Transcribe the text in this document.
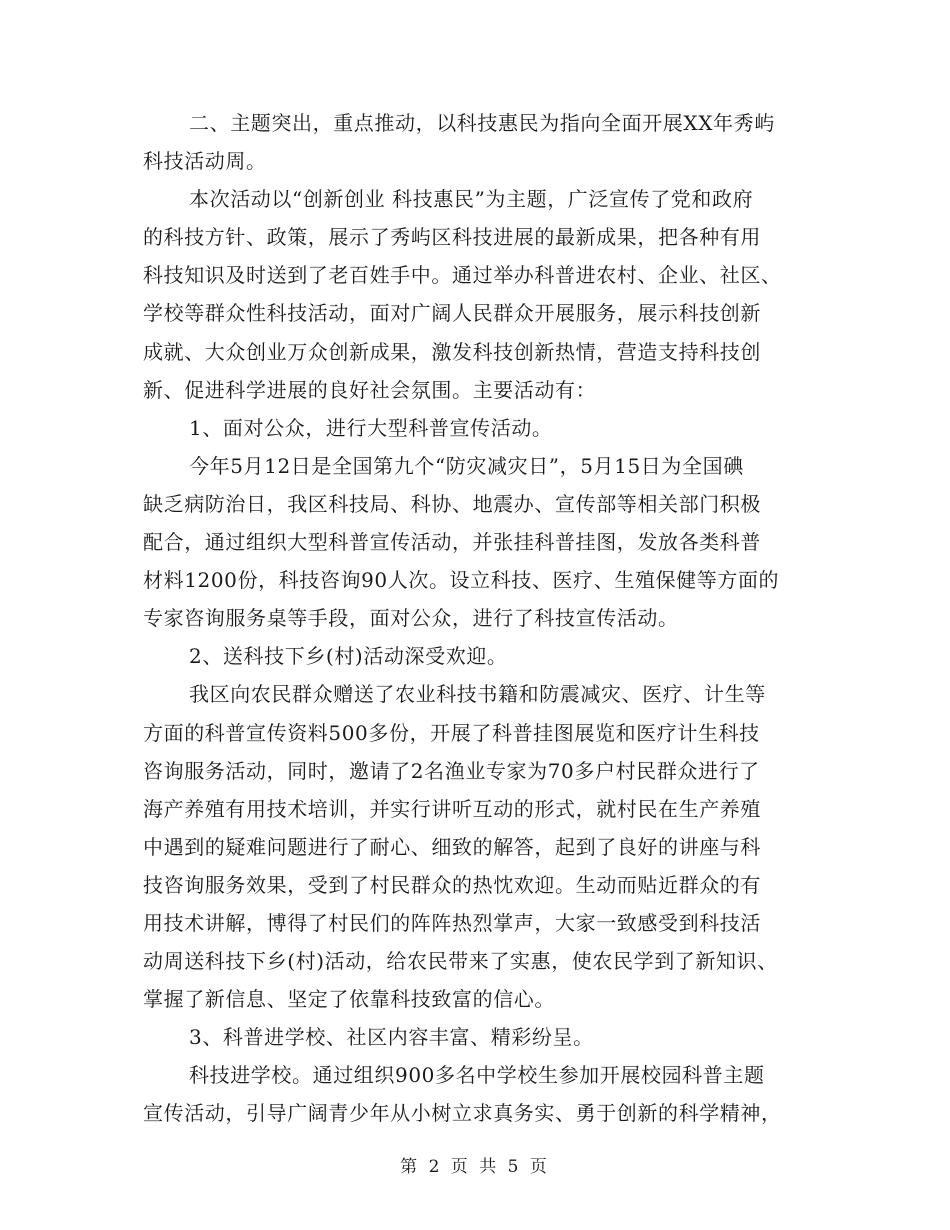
二、主题突出，重点推动，以科技惠民为指向全面开展XX年秀屿
科技活动周。
本次活动以“创新创业 科技惠民”为主题，广泛宣传了党和政府
的科技方针、政策，展示了秀屿区科技进展的最新成果，把各种有用
科技知识及时送到了老百姓手中。通过举办科普进农村、企业、社区、
学校等群众性科技活动，面对广阔人民群众开展服务，展示科技创新
成就、大众创业万众创新成果，激发科技创新热情，营造支持科技创
新、促进科学进展的良好社会氛围。主要活动有：
1、面对公众，进行大型科普宣传活动。
今年5月12日是全国第九个“防灾减灾日”，5月15日为全国碘
缺乏病防治日，我区科技局、科协、地震办、宣传部等相关部门积极
配合，通过组织大型科普宣传活动，并张挂科普挂图，发放各类科普
材料1200份，科技咨询90人次。设立科技、医疗、生殖保健等方面的
专家咨询服务桌等手段，面对公众，进行了科技宣传活动。
2、送科技下乡(村)活动深受欢迎。
我区向农民群众赠送了农业科技书籍和防震减灾、医疗、计生等
方面的科普宣传资料500多份，开展了科普挂图展览和医疗计生科技
咨询服务活动，同时，邀请了2名渔业专家为70多户村民群众进行了
海产养殖有用技术培训，并实行讲听互动的形式，就村民在生产养殖
中遇到的疑难问题进行了耐心、细致的解答，起到了良好的讲座与科
技咨询服务效果，受到了村民群众的热忱欢迎。生动而贴近群众的有
用技术讲解，博得了村民们的阵阵热烈掌声，大家一致感受到科技活
动周送科技下乡(村)活动，给农民带来了实惠，使农民学到了新知识、
掌握了新信息、坚定了依靠科技致富的信心。
3、科普进学校、社区内容丰富、精彩纷呈。
科技进学校。通过组织900多名中学校生参加开展校园科普主题
宣传活动，引导广阔青少年从小树立求真务实、勇于创新的科学精神，
第 2 页 共 5 页
